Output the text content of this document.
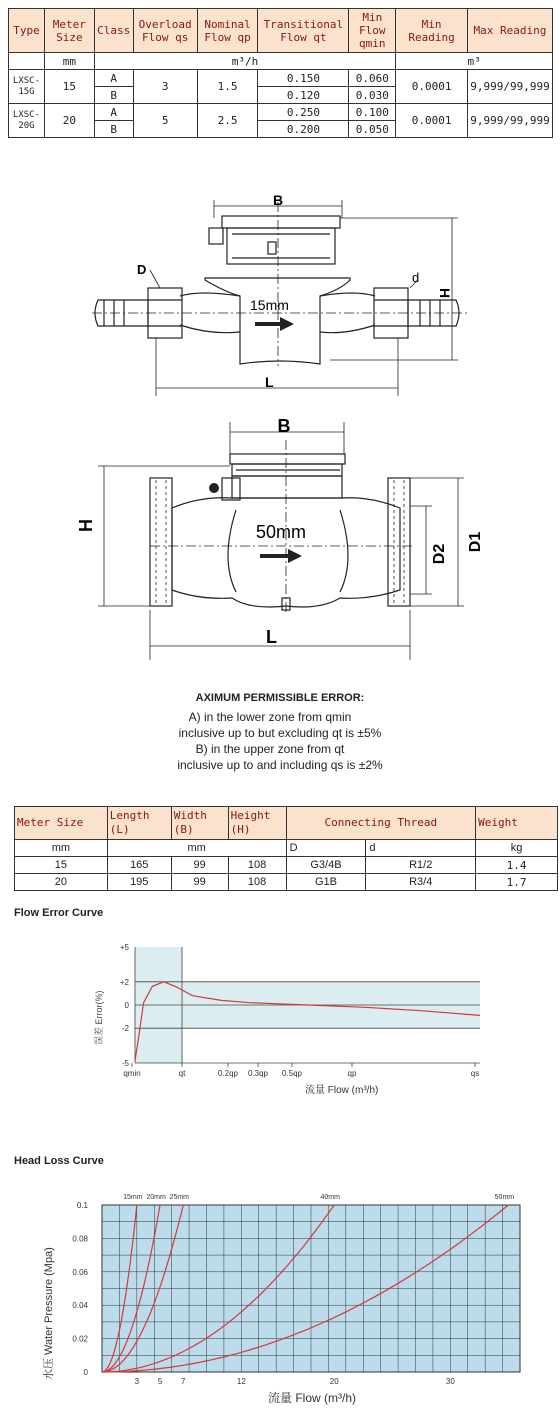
Type	Meter Size	Class	Overload Flow qs	Nominal Flow qp	Transitional Flow qt	Min Flow qmin	Min Reading	Max Reading
	mm	m³/h					m³	
LXSC-15G	15	A	3	1.5	0.150	0.060	0.0001	9,999/99,999
		B			0.120	0.030		
LXSC-20G	20	A	5	2.5	0.250	0.100	0.0001	9,999/99,999
		B			0.200	0.050		
B
H
L
D
d
15mm
B
H
L
D1
D2
50mm
AXIMUM PERMISSIBLE ERROR:
A) in the lower zone from qmin
inclusive up to but excluding qt is ±5%
B) in the upper zone from qt
inclusive up to and including qs is ±2%
Meter Size	Length (L)	Width (B)	Height (H)	Connecting Thread		Weight
mm	mm			D	d	kg
15	165	99	108	G3/4B	R1/2	1.4
20	195	99	108	G1B	R3/4	1.7
Flow Error Curve
+5
+2
0
-2
-5
qmin	qt	0.2qp 0.3qp 0.5qp	qp	qs
误差 Error(%)
流量 Flow (m³/h)
Head Loss Curve
0
0.02
0.04
0.06
0.08
0.1
3 5 7	12	20	30
15mm 20mm 25mm	40mm	50mm
水压 Water Pressure (Mpa)
流量 Flow (m³/h)
